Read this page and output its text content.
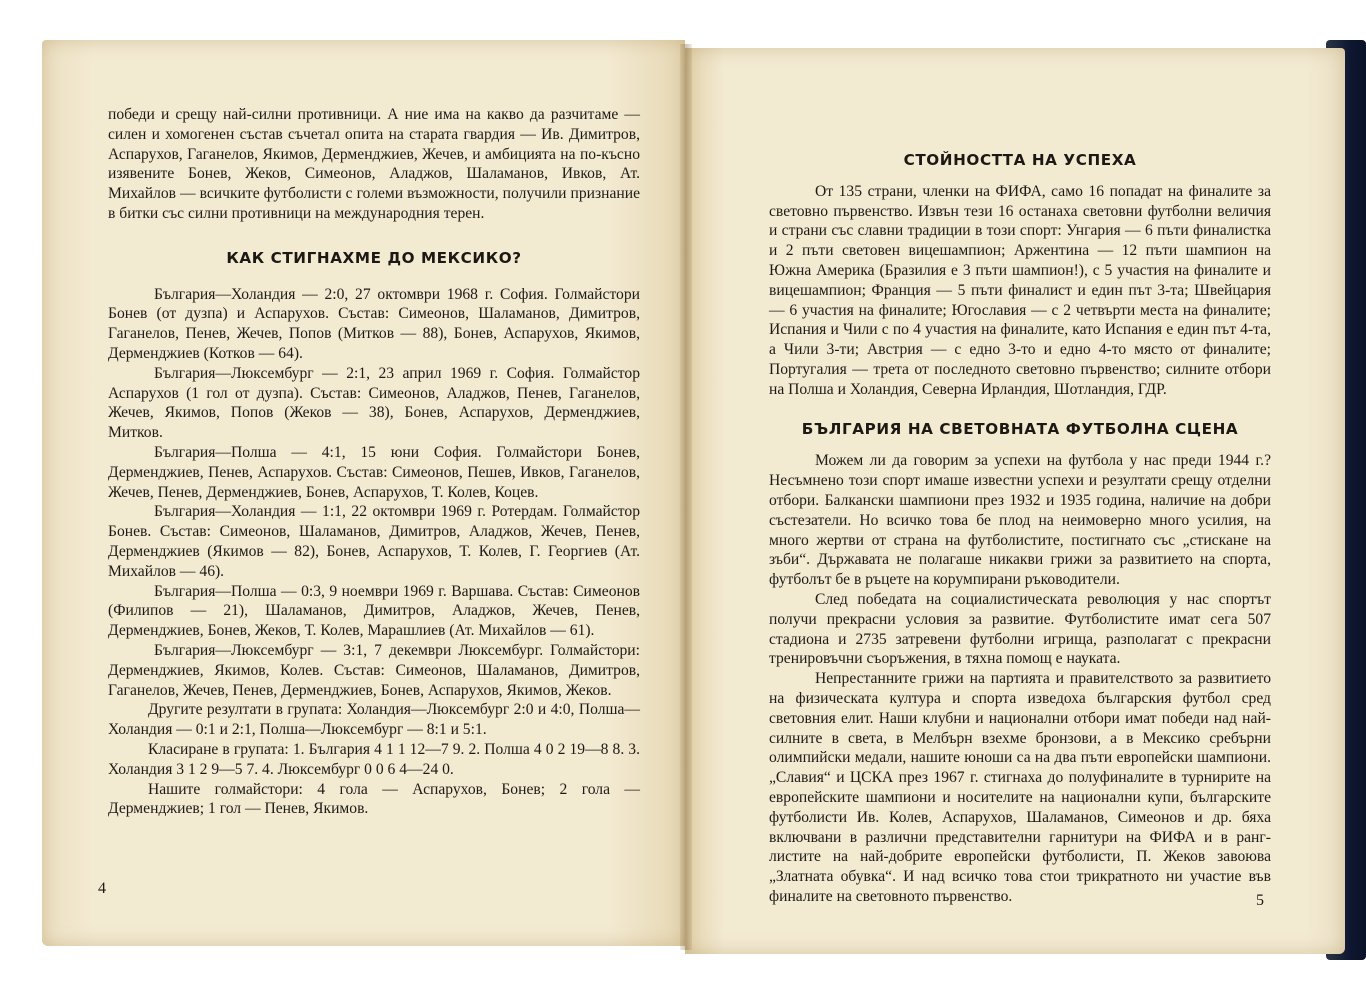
победи и срещу най-силни противници. А ние има на какво да разчитаме — силен и хомогенен състав съчетал опита на старата гвардия — Ив. Димитров, Аспарухов, Гаганелов, Якимов, Дерменджиев, Жечев, и амбицията на по-късно изявените Бонев, Жеков, Симеонов, Аладжов, Шаламанов, Ивков, Ат. Михайлов — всичките футболисти с големи възможности, получили признание в битки със силни противници на международния терен.

КАК СТИГНАХМЕ ДО МЕКСИКО?

България—Холандия — 2:0, 27 октомври 1968 г. София. Голмайстори Бонев (от дузпа) и Аспарухов. Състав: Симеонов, Шаламанов, Димитров, Гаганелов, Пенев, Жечев, Попов (Митков — 88), Бонев, Аспарухов, Якимов, Дерменджиев (Котков — 64).

България—Люксембург — 2:1, 23 април 1969 г. София. Голмайстор Аспарухов (1 гол от дузпа). Състав: Симеонов, Аладжов, Пенев, Гаганелов, Жечев, Якимов, Попов (Жеков — 38), Бонев, Аспарухов, Дерменджиев, Митков.

България—Полша — 4:1, 15 юни София. Голмайстори Бонев, Дерменджиев, Пенев, Аспарухов. Състав: Симеонов, Пешев, Ивков, Гаганелов, Жечев, Пенев, Дерменджиев, Бонев, Аспарухов, Т. Колев, Коцев.

България—Холандия — 1:1, 22 октомври 1969 г. Ротердам. Голмайстор Бонев. Състав: Симеонов, Шаламанов, Димитров, Аладжов, Жечев, Пенев, Дерменджиев (Якимов — 82), Бонев, Аспарухов, Т. Колев, Г. Георгиев (Ат. Михайлов — 46).

България—Полша — 0:3, 9 ноември 1969 г. Варшава. Състав: Симеонов (Филипов — 21), Шаламанов, Димитров, Аладжов, Жечев, Пенев, Дерменджиев, Бонев, Жеков, Т. Колев, Марашлиев (Ат. Михайлов — 61).

България—Люксембург — 3:1, 7 декември Люксембург. Голмайстори: Дерменджиев, Якимов, Колев. Състав: Симеонов, Шаламанов, Димитров, Гаганелов, Жечев, Пенев, Дерменджиев, Бонев, Аспарухов, Якимов, Жеков.

Другите резултати в групата: Холандия—Люксембург 2:0 и 4:0, Полша—Холандия — 0:1 и 2:1, Полша—Люксембург — 8:1 и 5:1.

Класиране в групата: 1. България 4 1 1 12—7 9. 2. Полша 4 0 2 19—8 8. 3. Холандия 3 1 2 9—5 7. 4. Люксембург 0 0 6 4—24 0.

Нашите голмайстори: 4 гола — Аспарухов, Бонев; 2 гола — Дерменджиев; 1 гол — Пенев, Якимов.

4
СТОЙНОСТТА НА УСПЕХА

От 135 страни, членки на ФИФА, само 16 попадат на финалите за световно първенство. Извън тези 16 останаха световни футболни величия и страни със славни традиции в този спорт: Унгария — 6 пъти финалистка и 2 пъти световен вицешампион; Аржентина — 12 пъти шампион на Южна Америка (Бразилия е 3 пъти шампион!), с 5 участия на финалите и вицешампион; Франция — 5 пъти финалист и един път 3-та; Швейцария — 6 участия на финалите; Югославия — с 2 четвърти места на финалите; Испания и Чили с по 4 участия на финалите, като Испания е един път 4-та, а Чили 3-ти; Австрия — с едно 3-то и едно 4-то място от финалите; Португалия — трета от последното световно първенство; силните отбори на Полша и Холандия, Северна Ирландия, Шотландия, ГДР.

БЪЛГАРИЯ НА СВЕТОВНАТА ФУТБОЛНА СЦЕНА

Можем ли да говорим за успехи на футбола у нас преди 1944 г.? Несъмнено този спорт имаше известни успехи и резултати срещу отделни отбори. Балкански шампиони през 1932 и 1935 година, наличие на добри състезатели. Но всичко това бе плод на неимоверно много усилия, на много жертви от страна на футболистите, постигнато със „стискане на зъби“. Държавата не полагаше никакви грижи за развитието на спорта, футболът бе в ръцете на корумпирани ръководители.

След победата на социалистическата революция у нас спортът получи прекрасни условия за развитие. Футболистите имат сега 507 стадиона и 2735 затревени футболни игрища, разполагат с прекрасни тренировъчни съоръжения, в тяхна помощ е науката.

Непрестанните грижи на партията и правителството за развитието на физическата култура и спорта изведоха българския футбол сред световния елит. Наши клубни и национални отбори имат победи над най-силните в света, в Мелбърн взехме бронзови, а в Мексико сребърни олимпийски медали, нашите юноши са на два пъти европейски шампиони. „Славия“ и ЦСКА през 1967 г. стигнаха до полуфиналите в турнирите на европейските шампиони и носителите на национални купи, българските футболисти Ив. Колев, Аспарухов, Шаламанов, Симеонов и др. бяха включвани в различни представителни гарнитури на ФИФА и в ранг-листите на най-добрите европейски футболисти, П. Жеков завоюва „Златната обувка“. И над всичко това стои трикратното ни участие във финалите на световното първенство.	5
